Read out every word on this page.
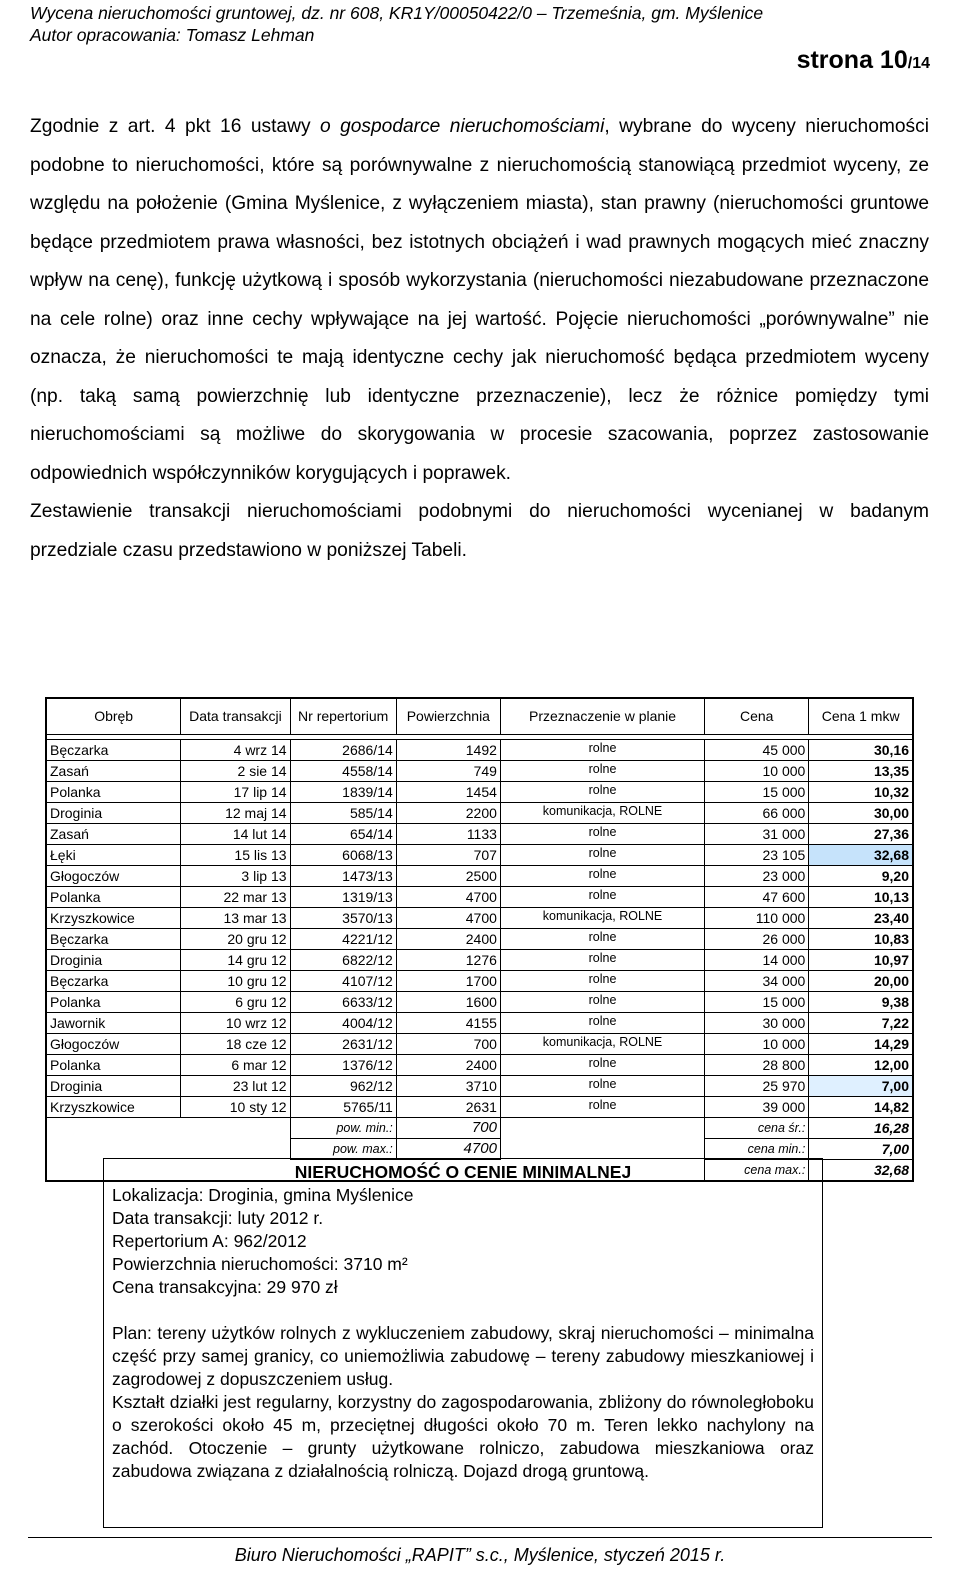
Wycena nieruchomości gruntowej, dz. nr 608, KR1Y/00050422/0 – Trzemeśnia, gm. Myślenice
Autor opracowania: Tomasz Lehman
strona 10/14

Zgodnie z art. 4 pkt 16 ustawy o gospodarce nieruchomościami, wybrane do wyceny nieruchomości podobne to nieruchomości, które są porównywalne z nieruchomością stanowiącą przedmiot wyceny, ze względu na położenie (Gmina Myślenice, z wyłączeniem miasta), stan prawny (nieruchomości gruntowe będące przedmiotem prawa własności, bez istotnych obciążeń i wad prawnych mogących mieć znaczny wpływ na cenę), funkcję użytkową i sposób wykorzystania (nieruchomości niezabudowane przeznaczone na cele rolne) oraz inne cechy wpływające na jej wartość. Pojęcie nieruchomości „porównywalne” nie oznacza, że nieruchomości te mają identyczne cechy jak nieruchomość będąca przedmiotem wyceny (np. taką samą powierzchnię lub identyczne przeznaczenie), lecz że różnice pomiędzy tymi nieruchomościami są możliwe do skorygowania w procesie szacowania, poprzez zastosowanie odpowiednich współczynników korygujących i poprawek.

Zestawienie transakcji nieruchomościami podobnymi do nieruchomości wycenianej w badanym przedziale czasu przedstawiono w poniższej Tabeli.

Obręb	Data transakcji	Nr repertorium	Powierzchnia	Przeznaczenie w planie	Cena	Cena 1 mkw

Bęczarka	4 wrz 14	2686/14	1492	rolne	45 000	30,16
Zasań	2 sie 14	4558/14	749	rolne	10 000	13,35
Polanka	17 lip 14	1839/14	1454	rolne	15 000	10,32
Droginia	12 maj 14	585/14	2200	komunikacja, ROLNE	66 000	30,00
Zasań	14 lut 14	654/14	1133	rolne	31 000	27,36
Łęki	15 lis 13	6068/13	707	rolne	23 105	32,68
Głogoczów	3 lip 13	1473/13	2500	rolne	23 000	9,20
Polanka	22 mar 13	1319/13	4700	rolne	47 600	10,13
Krzyszkowice	13 mar 13	3570/13	4700	komunikacja, ROLNE	110 000	23,40
Bęczarka	20 gru 12	4221/12	2400	rolne	26 000	10,83
Droginia	14 gru 12	6822/12	1276	rolne	14 000	10,97
Bęczarka	10 gru 12	4107/12	1700	rolne	34 000	20,00
Polanka	6 gru 12	6633/12	1600	rolne	15 000	9,38
Jawornik	10 wrz 12	4004/12	4155	rolne	30 000	7,22
Głogoczów	18 cze 12	2631/12	700	komunikacja, ROLNE	10 000	14,29
Polanka	6 mar 12	1376/12	2400	rolne	28 800	12,00
Droginia	23 lut 12	962/12	3710	rolne	25 970	7,00
Krzyszkowice	10 sty 12	5765/11	2631	rolne	39 000	14,82
		pow. min.:	700		cena śr.:	16,28
		pow. max.:	4700		cena min.:	7,00
					cena max.:	32,68
NIERUCHOMOŚĆ O CENIE MINIMALNEJ
Lokalizacja: Droginia, gmina Myślenice
Data transakcji: luty 2012 r.
Repertorium A: 962/2012
Powierzchnia nieruchomości: 3710 m²
Cena transakcyjna: 29 970 zł
Plan: tereny użytków rolnych z wykluczeniem zabudowy, skraj nieruchomości – minimalna część przy samej granicy, co uniemożliwia zabudowę – tereny zabudowy mieszkaniowej i zagrodowej z dopuszczeniem usług.
Kształt działki jest regularny, korzystny do zagospodarowania, zbliżony do równoległoboku o szerokości około 45 m, przeciętnej długości około 70 m. Teren lekko nachylony na zachód. Otoczenie – grunty użytkowane rolniczo, zabudowa mieszkaniowa oraz zabudowa związana z działalnością rolniczą. Dojazd drogą gruntową.
Biuro Nieruchomości „RAPIT” s.c., Myślenice, styczeń 2015 r.
